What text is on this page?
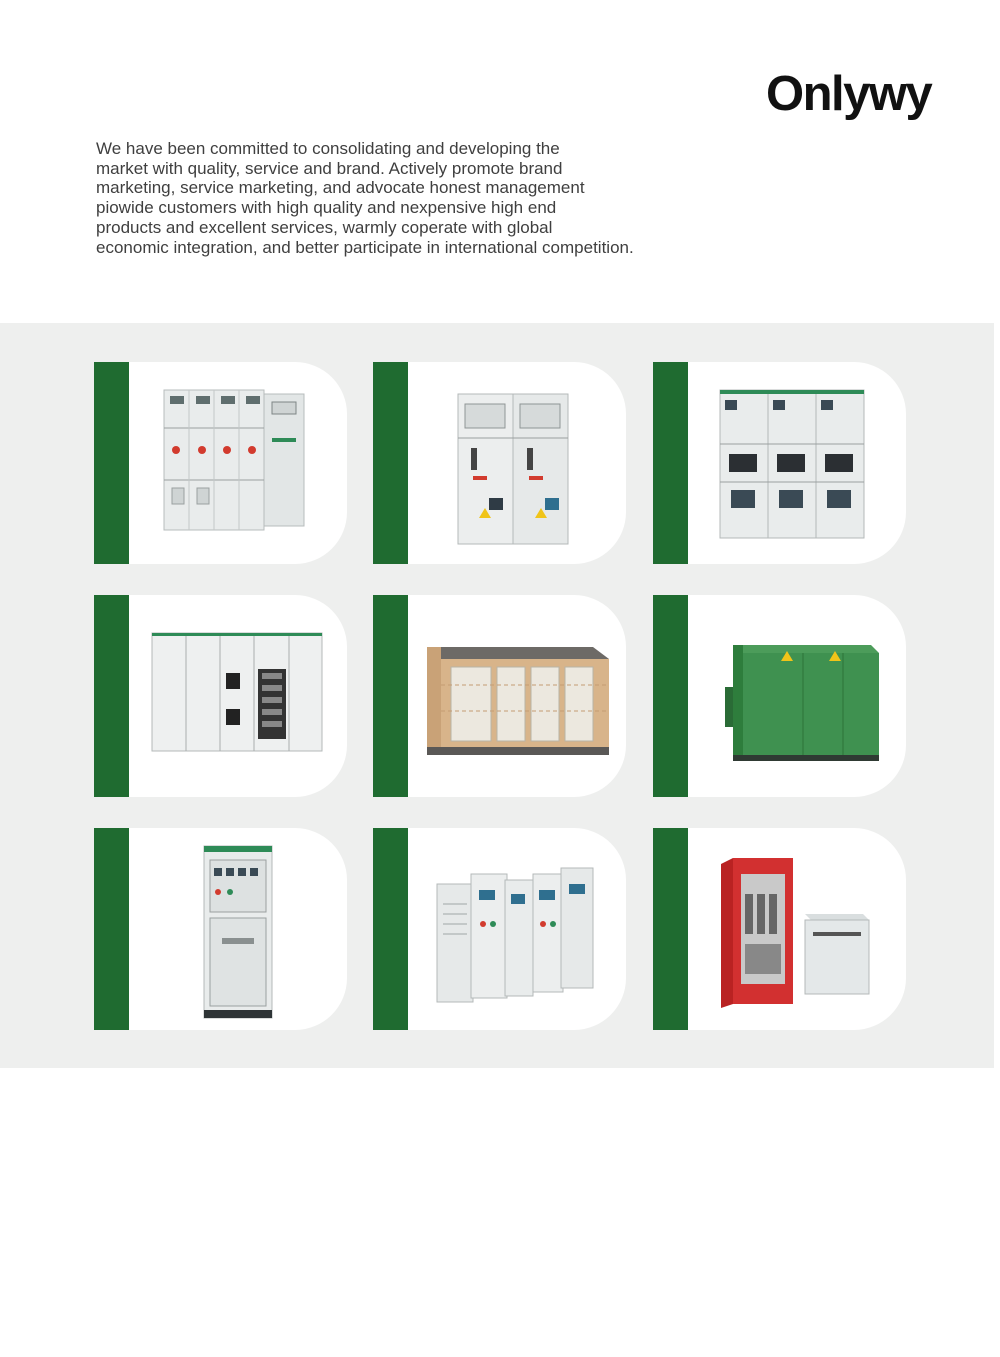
Onlywy
We have been committed to consolidating and developing the
market with quality, service and brand. Actively promote brand
marketing, service marketing, and advocate honest management
piowide customers with high quality and nexpensive high end
products and excellent services, warmly coperate with global
economic integration, and better participate in international competition.
